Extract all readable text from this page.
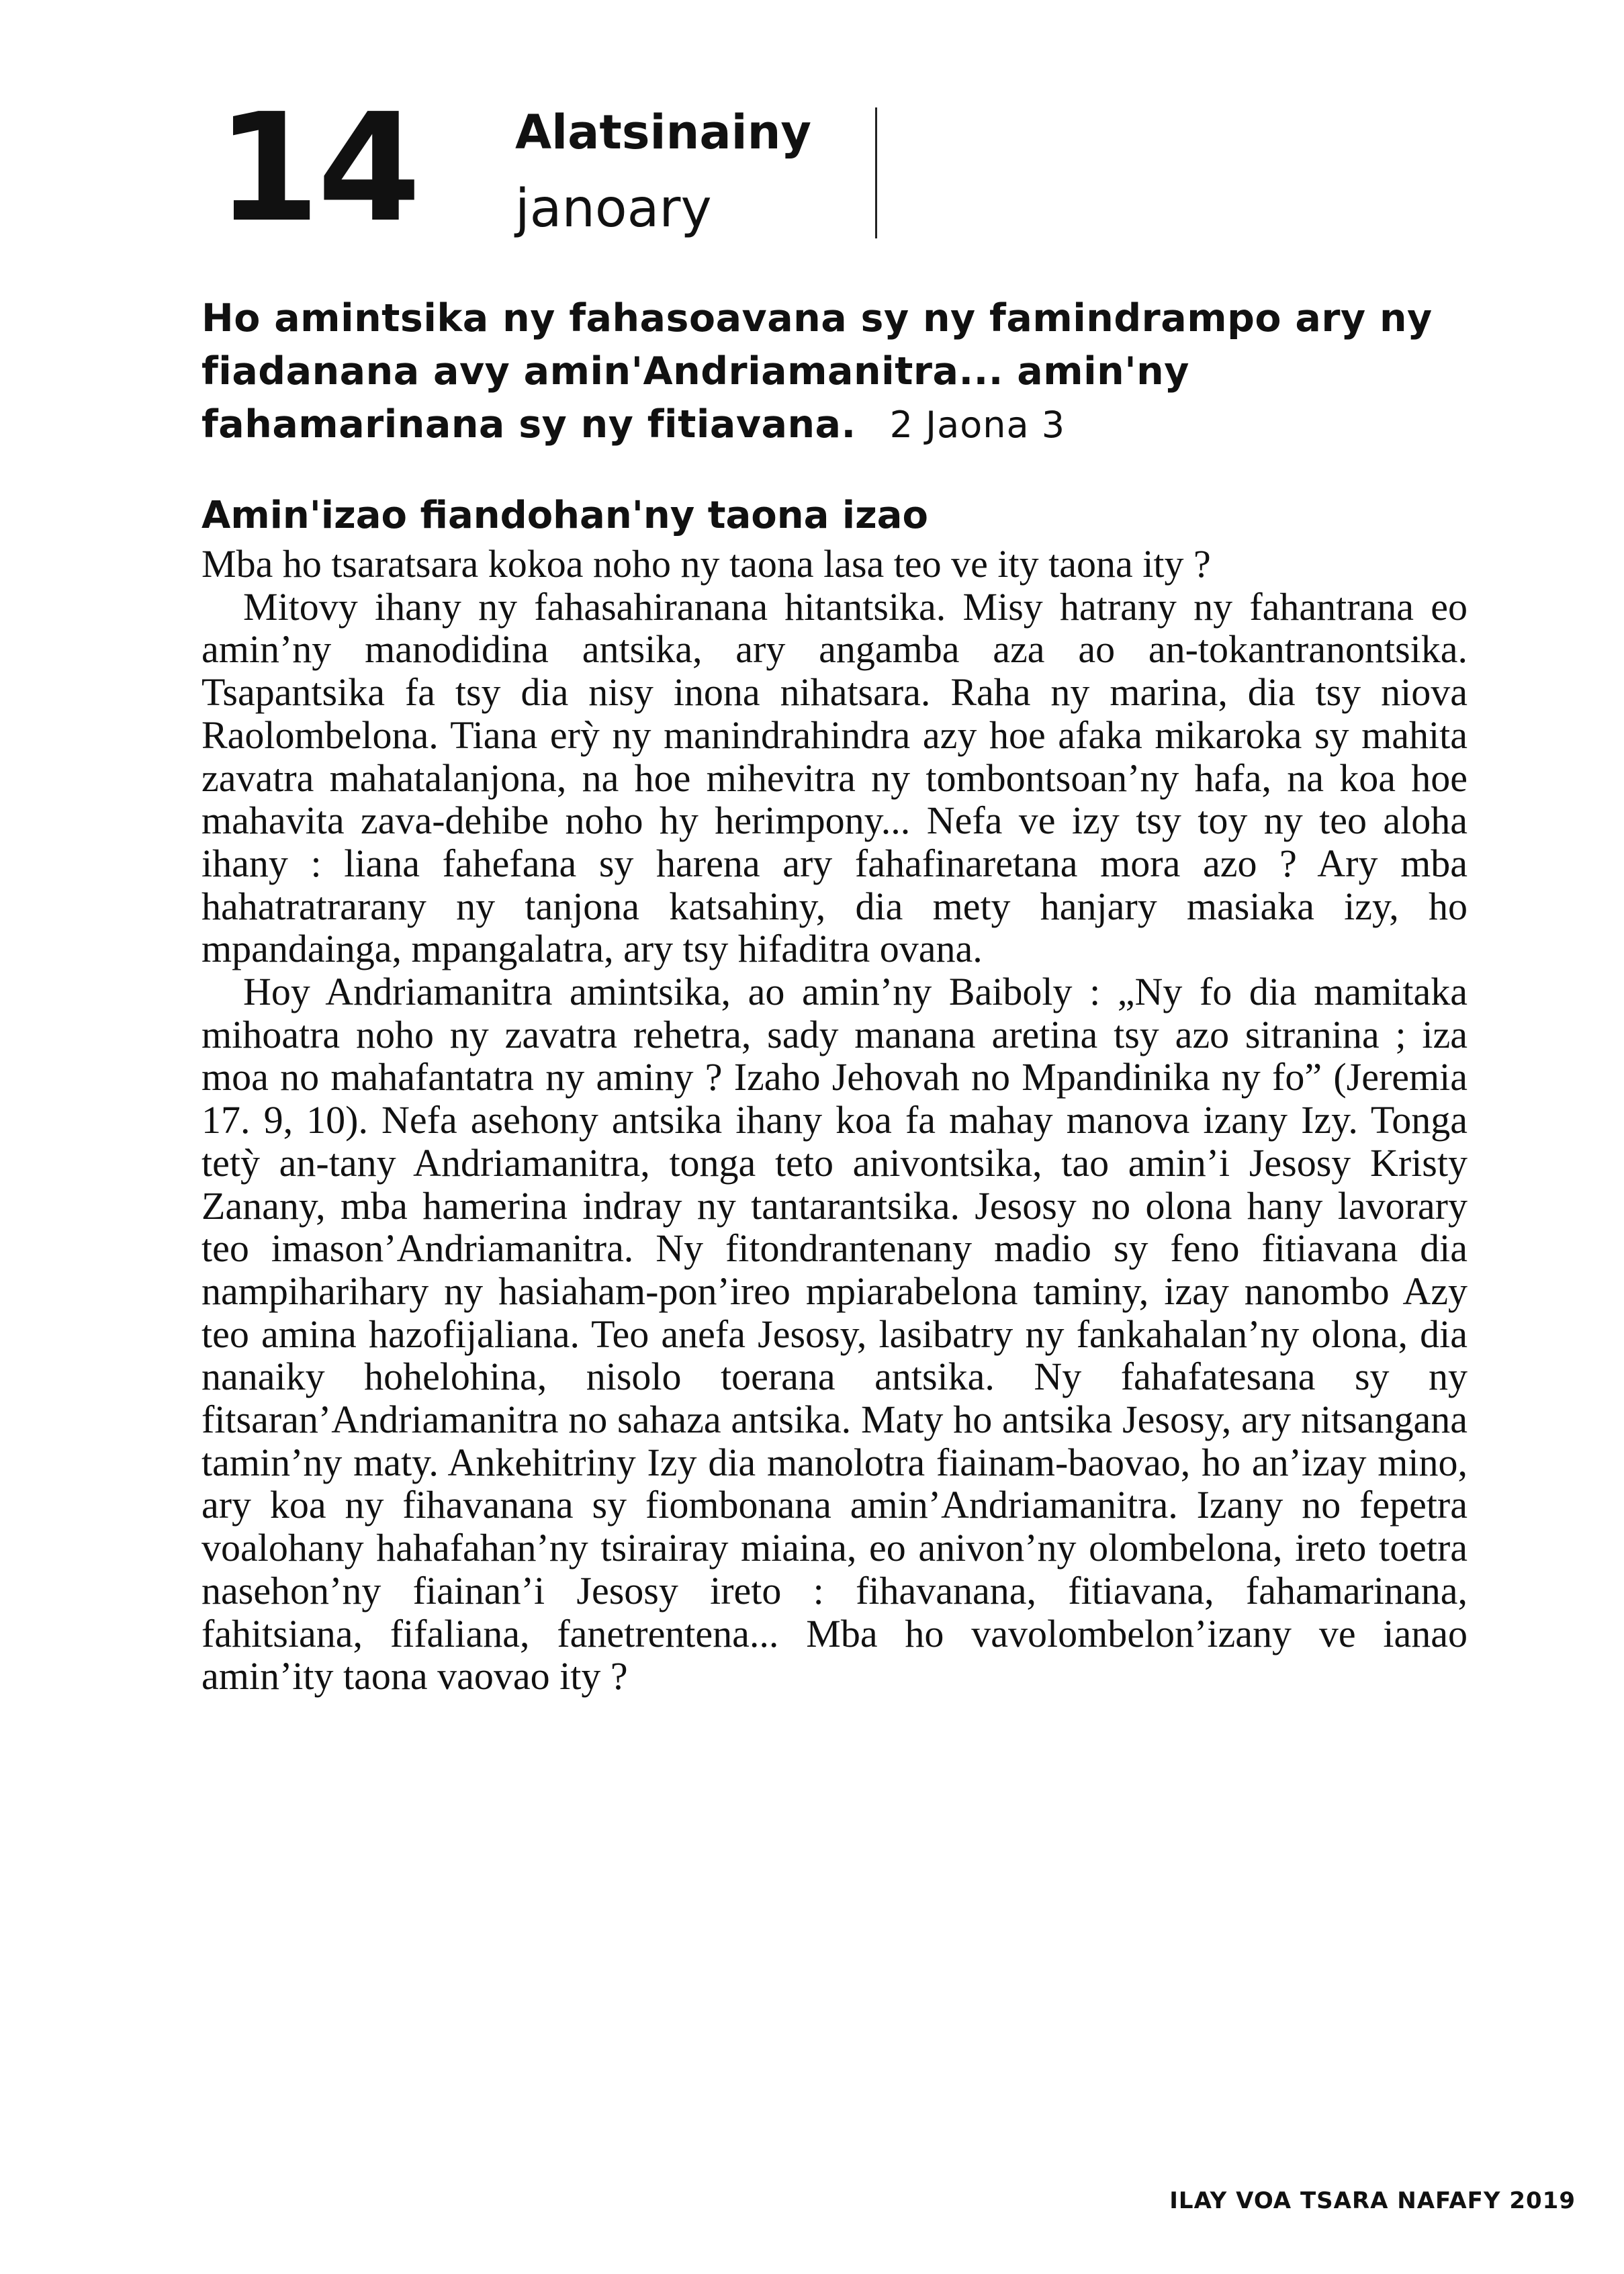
14 Alatsinainy
janoary
Ho amintsika ny fahasoavana sy ny famindrampo ary ny fiadanana avy amin'Andriamanitra... amin'ny fahamarinana sy ny fitiavana. 2 Jaona 3
Amin'izao fiandohan'ny taona izao

Mba ho tsaratsara kokoa noho ny taona lasa teo ve ity taona ity ?

Mitovy ihany ny fahasahiranana hitantsika. Misy hatrany ny fahantrana eo amin’ny manodidina antsika, ary angamba aza ao an-tokantranontsika. Tsapantsika fa tsy dia nisy inona nihatsara. Raha ny marina, dia tsy niova Raolombelona. Tiana erỳ ny manindrahindra azy hoe afaka mikaroka sy mahita zavatra mahatalanjona, na hoe mihevitra ny tombontsoan’ny hafa, na koa hoe mahavita zava-dehibe noho hy herimpony... Nefa ve izy tsy toy ny teo aloha ihany : liana fahefana sy harena ary fahafinaretana mora azo ? Ary mba hahatratrarany ny tanjona katsahiny, dia mety hanjary masiaka izy, ho mpandainga, mpangalatra, ary tsy hifaditra ovana.

Hoy Andriamanitra amintsika, ao amin’ny Baiboly : „Ny fo dia mamitaka mihoatra noho ny zavatra rehetra, sady manana aretina tsy azo sitranina ; iza moa no mahafantatra ny aminy ? Izaho Jehovah no Mpandinika ny fo” (Jeremia 17. 9, 10). Nefa asehony antsika ihany koa fa mahay manova izany Izy. Tonga tetỳ an-tany Andriamanitra, tonga teto anivontsika, tao amin’i Jesosy Kristy Zanany, mba hamerina indray ny tantarantsika. Jesosy no olona hany lavorary teo imason’Andriamanitra. Ny fitondrantenany madio sy feno fitiavana dia nampiharihary ny hasiaham-pon’ireo mpiarabelona taminy, izay nanombo Azy teo amina hazofijaliana. Teo anefa Jesosy, lasibatry ny fankahalan’ny olona, dia nanaiky hohelohina, nisolo toerana antsika. Ny fahafatesana sy ny fitsaran’Andriamanitra no sahaza antsika. Maty ho antsika Jesosy, ary nitsangana tamin’ny maty. Ankehitriny Izy dia manolotra fiainam-baovao, ho an’izay mino, ary koa ny fihavanana sy fiombonana amin’Andriamanitra. Izany no fepetra voalohany hahafahan’ny tsirairay miaina, eo anivon’ny olombelona, ireto toetra nasehon’ny fiainan’i Jesosy ireto : fihavanana, fitiavana, fahamarinana, fahitsiana, fifaliana, fanetrentena... Mba ho vavolombelon’izany ve ianao amin’ity taona vaovao ity ?

ILAY VOA TSARA NAFAFY 2019
